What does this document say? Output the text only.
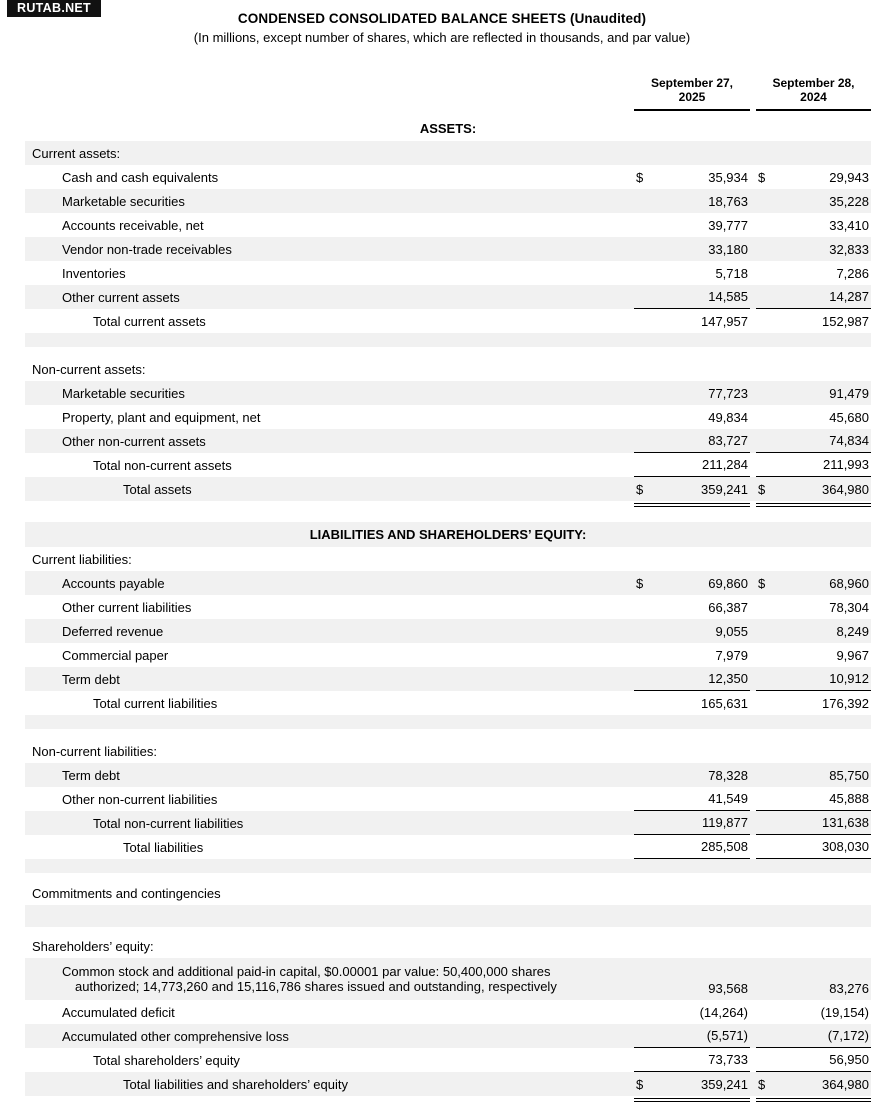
RUTAB.NET
CONDENSED CONSOLIDATED BALANCE SHEETS (Unaudited)
(In millions, except number of shares, which are reflected in thousands, and par value)
September 27,
2025
September 28,
2024
ASSETS:
Current assets:
Cash and cash equivalents	$	35,934 $	29,943
Marketable securities	18,763	35,228
Accounts receivable, net	39,777	33,410
Vendor non-trade receivables	33,180	32,833
Inventories	5,718	7,286
Other current assets	14,585	14,287
Total current assets	147,957	152,987
Non-current assets:
Marketable securities	77,723	91,479
Property, plant and equipment, net	49,834	45,680
Other non-current assets	83,727	74,834
Total non-current assets	211,284	211,993
Total assets	$	359,241 $	364,980
LIABILITIES AND SHAREHOLDERS’ EQUITY:
Current liabilities:
Accounts payable	$	69,860 $	68,960
Other current liabilities	66,387	78,304
Deferred revenue	9,055	8,249
Commercial paper	7,979	9,967
Term debt	12,350	10,912
Total current liabilities	165,631	176,392
Non-current liabilities:
Term debt	78,328	85,750
Other non-current liabilities	41,549	45,888
Total non-current liabilities	119,877	131,638
Total liabilities	285,508	308,030
Commitments and contingencies
Shareholders’ equity:
Common stock and additional paid-in capital, $0.00001 par value: 50,400,000 shares
authorized; 14,773,260 and 15,116,786 shares issued and outstanding, respectively	93,568	83,276
Accumulated deficit	(14,264)	(19,154)
Accumulated other comprehensive loss	(5,571)	(7,172)
Total shareholders’ equity	73,733	56,950
Total liabilities and shareholders’ equity	$	359,241 $	364,980
